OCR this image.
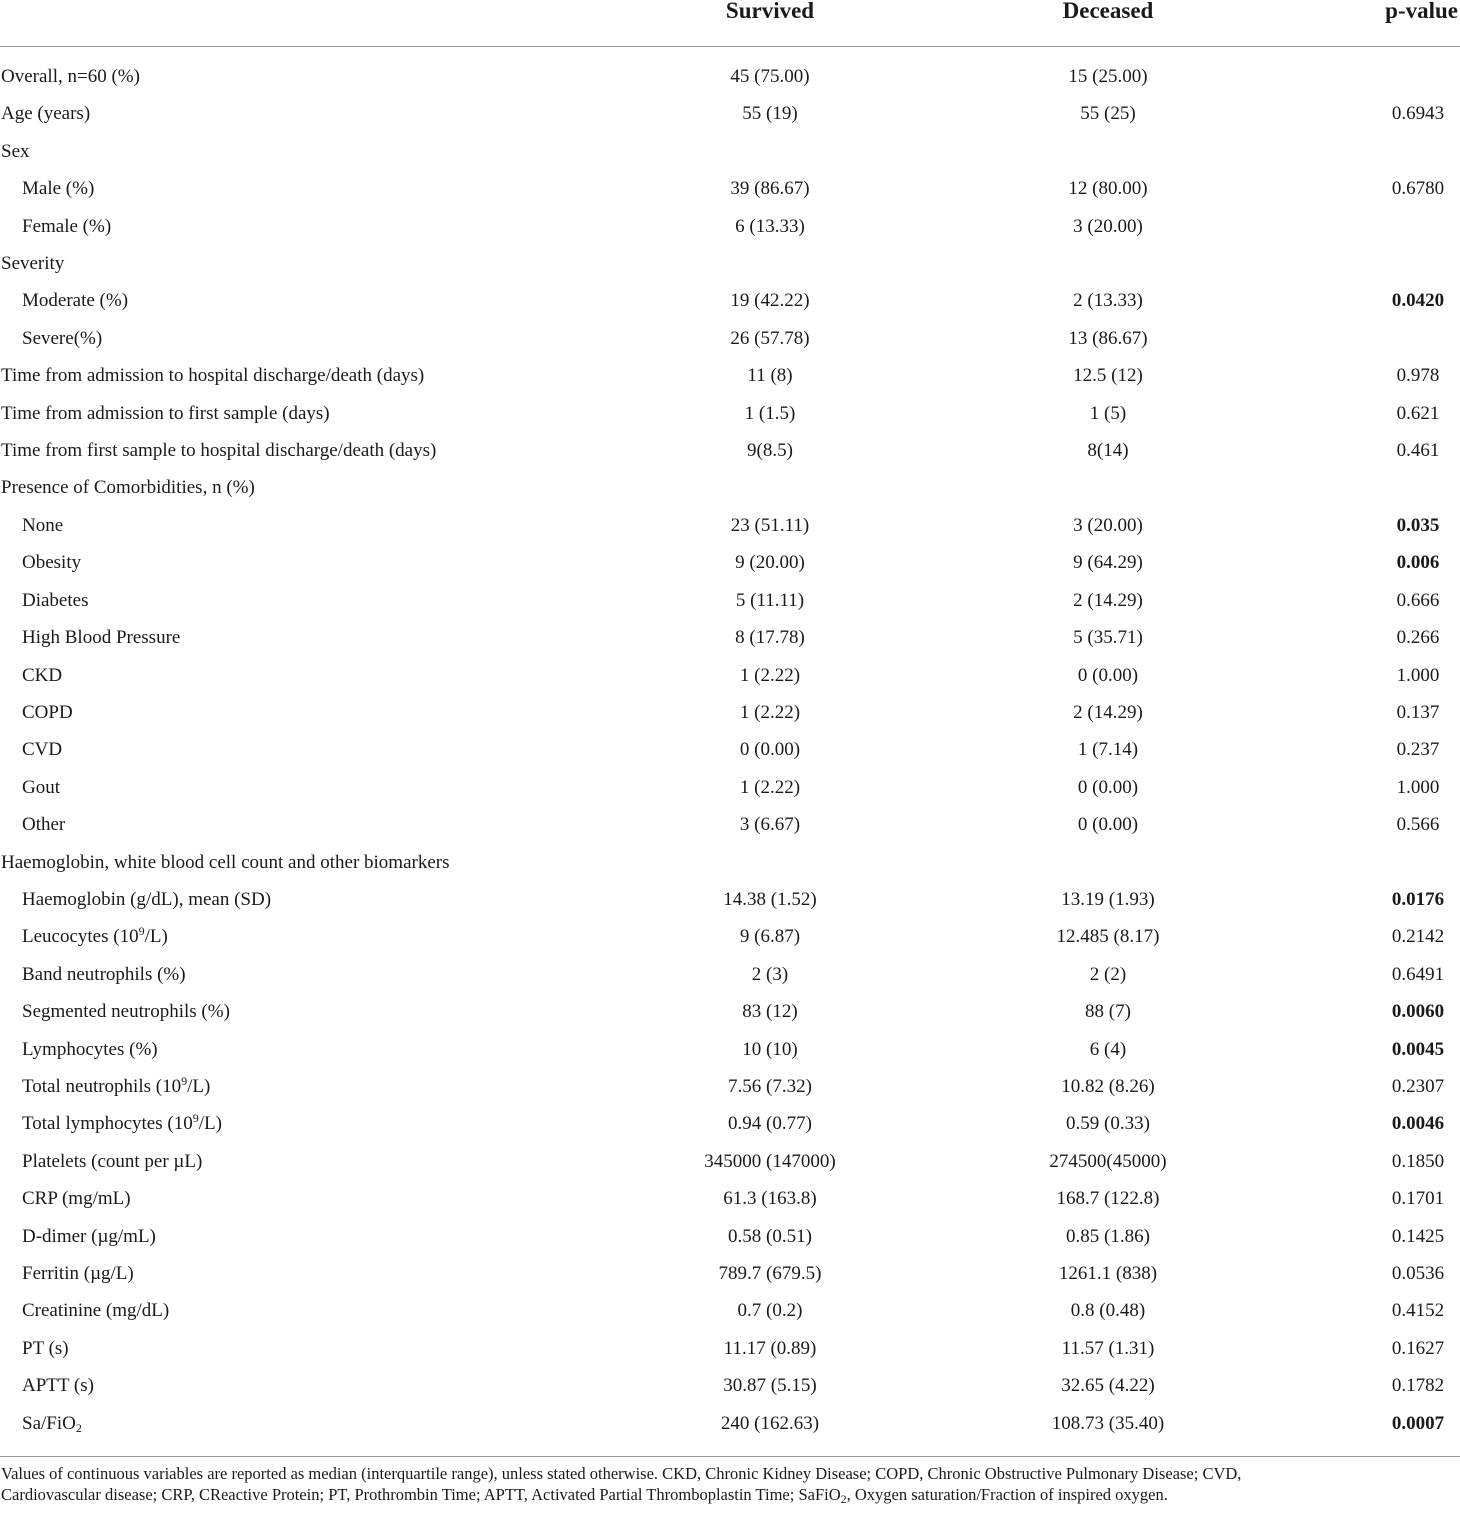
Survived	Deceased	p-value
Overall, n=60 (%)	45 (75.00)	15 (25.00)
Age (years)	55 (19)	55 (25)	0.6943
Sex
Male (%)	39 (86.67)	12 (80.00)	0.6780
Female (%)	6 (13.33)	3 (20.00)
Severity
Moderate (%)	19 (42.22)	2 (13.33)	0.0420
Severe(%)	26 (57.78)	13 (86.67)
Time from admission to hospital discharge/death (days)	11 (8)	12.5 (12)	0.978
Time from admission to first sample (days)	1 (1.5)	1 (5)	0.621
Time from first sample to hospital discharge/death (days)	9(8.5)	8(14)	0.461
Presence of Comorbidities, n (%)
None	23 (51.11)	3 (20.00)	0.035
Obesity	9 (20.00)	9 (64.29)	0.006
Diabetes	5 (11.11)	2 (14.29)	0.666
High Blood Pressure	8 (17.78)	5 (35.71)	0.266
CKD	1 (2.22)	0 (0.00)	1.000
COPD	1 (2.22)	2 (14.29)	0.137
CVD	0 (0.00)	1 (7.14)	0.237
Gout	1 (2.22)	0 (0.00)	1.000
Other	3 (6.67)	0 (0.00)	0.566
Haemoglobin, white blood cell count and other biomarkers
Haemoglobin (g/dL), mean (SD)	14.38 (1.52)	13.19 (1.93)	0.0176
Leucocytes $(10^9/L)$	9 (6.87)	12.485 (8.17)	0.2142
Band neutrophils (%)	2 (3)	2 (2)	0.6491
Segmented neutrophils (%)	83 (12)	88 (7)	0.0060
Lymphocytes (%)	10 (10)	6 (4)	0.0045
Total neutrophils $(10^9/L)$	7.56 (7.32)	10.82 (8.26)	0.2307
Total lymphocytes $(10^9/L)$	0.94 (0.77)	0.59 (0.33)	0.0046
Platelets (count per µL)	345000 (147000)	274500(45000)	0.1850
CRP (mg/mL)	61.3 (163.8)	168.7 (122.8)	0.1701
D-dimer (µg/mL)	0.58 (0.51)	0.85 (1.86)	0.1425
Ferritin (µg/L)	789.7 (679.5)	1261.1 (838)	0.0536
Creatinine (mg/dL)	0.7 (0.2)	0.8 (0.48)	0.4152
PT (s)	11.17 (0.89)	11.57 (1.31)	0.1627
APTT (s)	30.87 (5.15)	32.65 (4.22)	0.1782
Sa/FiO$_2$	240 (162.63)	108.73 (35.40)	0.0007
Values of continuous variables are reported as median (interquartile range), unless stated otherwise. CKD, Chronic Kidney Disease; COPD, Chronic Obstructive Pulmonary Disease; CVD,
Cardiovascular disease; CRP, CReactive Protein; PT, Prothrombin Time; APTT, Activated Partial Thromboplastin Time; SaFiO$_2$, Oxygen saturation/Fraction of inspired oxygen.
